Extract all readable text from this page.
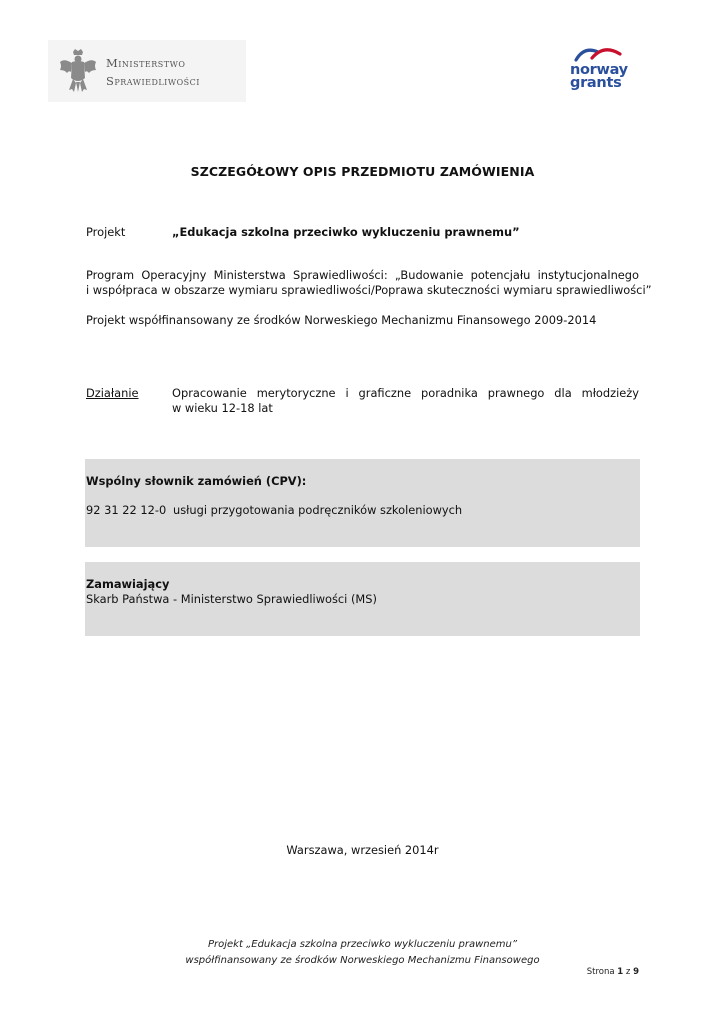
Ministerstwo
Sprawiedliwości
norway
grants
SZCZEGÓŁOWY OPIS PRZEDMIOTU ZAMÓWIENIA
Projekt	„Edukacja szkolna przeciwko wykluczeniu prawnemu”
Program Operacyjny Ministerstwa Sprawiedliwości: „Budowanie potencjału instytucjonalnego
i współpraca w obszarze wymiaru sprawiedliwości/Poprawa skuteczności wymiaru sprawiedliwości”
Projekt współfinansowany ze środków Norweskiego Mechanizmu Finansowego 2009-2014
Działanie	Opracowanie merytoryczne i graficzne poradnika prawnego dla młodzieży
w wieku 12-18 lat
Wspólny słownik zamówień (CPV):
92 31 22 12-0 usługi przygotowania podręczników szkoleniowych
Zamawiający
Skarb Państwa - Ministerstwo Sprawiedliwości (MS)
Warszawa, wrzesień 2014r
Projekt „Edukacja szkolna przeciwko wykluczeniu prawnemu”
współfinansowany ze środków Norweskiego Mechanizmu Finansowego
Strona 1 z 9
